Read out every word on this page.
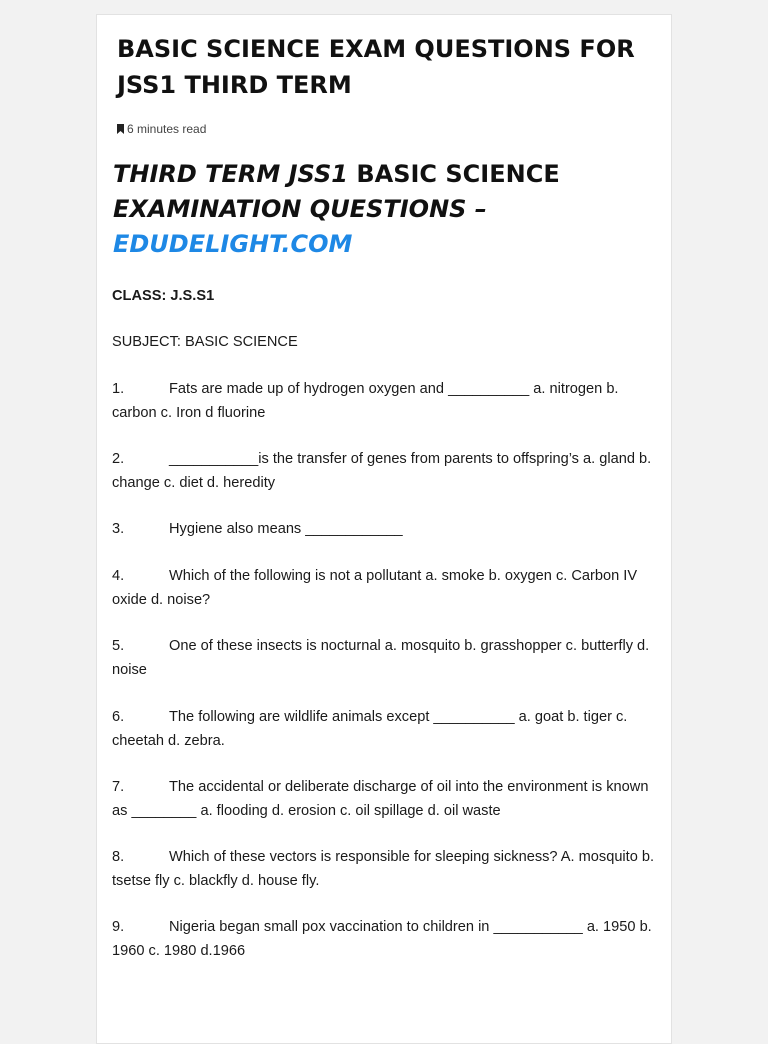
BASIC SCIENCE EXAM QUESTIONS FOR JSS1 THIRD TERM
6 minutes read
THIRD TERM JSS1 BASIC SCIENCE EXAMINATION QUESTIONS –
EDUDELIGHT.COM

CLASS: J.S.S1

SUBJECT: BASIC SCIENCE

1.	Fats are made up of hydrogen oxygen and __________ a. nitrogen b. carbon c. Iron d fluorine

2.	___________is the transfer of genes from parents to offspring’s a. gland b. change c. diet d. heredity

3.	Hygiene also means ____________

4.	Which of the following is not a pollutant a. smoke b. oxygen c. Carbon IV oxide d. noise?

5.	One of these insects is nocturnal a. mosquito b. grasshopper c. butterfly d. noise

6.	The following are wildlife animals except __________ a. goat b. tiger c. cheetah d. zebra.

7.	The accidental or deliberate discharge of oil into the environment is known as ________ a. flooding d. erosion c. oil spillage d. oil waste

8.	Which of these vectors is responsible for sleeping sickness? A. mosquito b. tsetse fly c. blackfly d. house fly.

9.	Nigeria began small pox vaccination to children in ___________ a. 1950 b. 1960 c. 1980 d.1966
